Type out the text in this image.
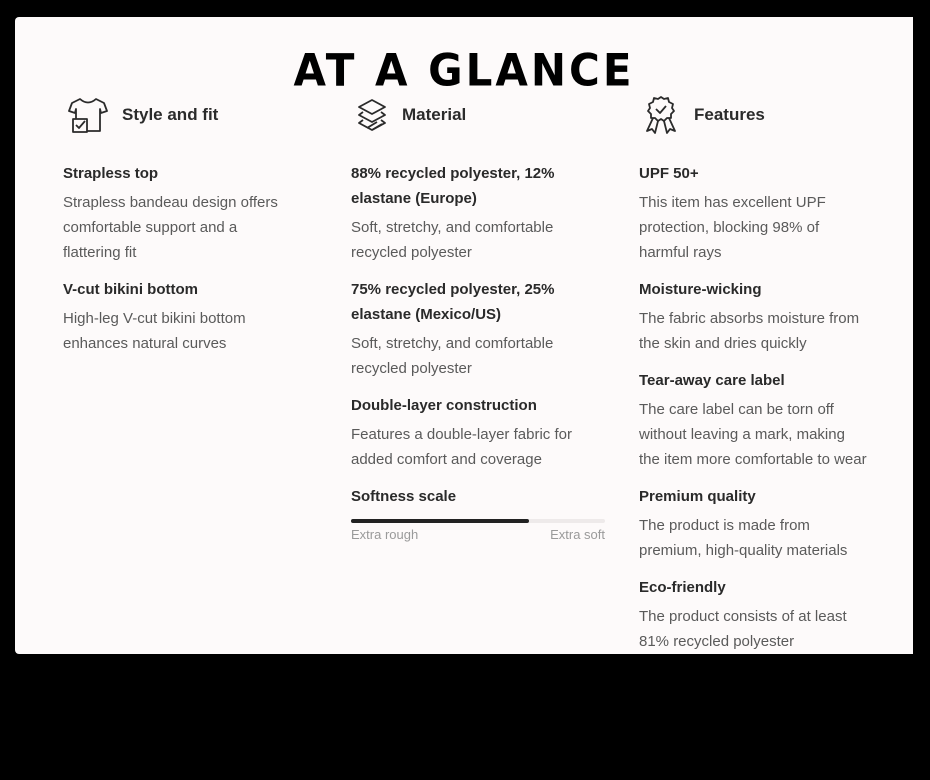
AT A GLANCE
Style and fit
Strapless top
Strapless bandeau design offers
comfortable support and a
flattering fit
V-cut bikini bottom
High-leg V-cut bikini bottom
enhances natural curves
Material
88% recycled polyester, 12%
elastane (Europe)
Soft, stretchy, and comfortable
recycled polyester
75% recycled polyester, 25%
elastane (Mexico/US)
Soft, stretchy, and comfortable
recycled polyester
Double-layer construction
Features a double-layer fabric for
added comfort and coverage
Softness scale
Extra rough	Extra soft
Features
UPF 50+
This item has excellent UPF
protection, blocking 98% of
harmful rays
Moisture-wicking
The fabric absorbs moisture from
the skin and dries quickly
Tear-away care label
The care label can be torn off
without leaving a mark, making
the item more comfortable to wear
Premium quality
The product is made from
premium, high-quality materials
Eco-friendly
The product consists of at least
81% recycled polyester
